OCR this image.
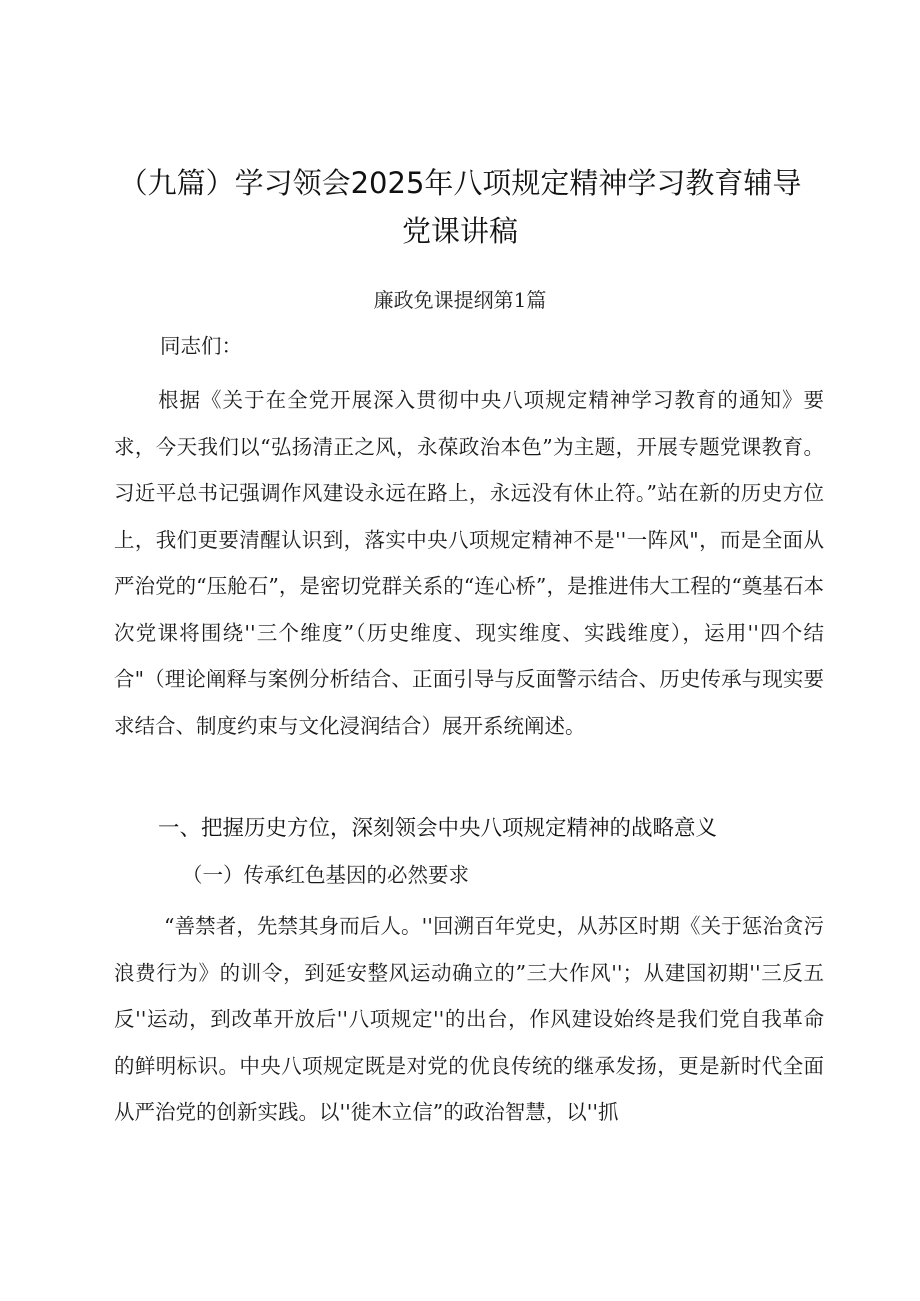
（九篇）学习领会2025年八项规定精神学习教育辅导
党课讲稿
廉政免课提纲第1篇
同志们：
根据《关于在全党开展深入贯彻中央八项规定精神学习教育的通知》要求，今天我们以“弘扬清正之风，永葆政治本色”为主题，开展专题党课教育。习近平总书记强调作风建设永远在路上，永远没有休止符。”站在新的历史方位上，我们更要清醒认识到，落实中央八项规定精神不是''一阵风"，而是全面从严治党的“压舱石”，是密切党群关系的“连心桥”，是推进伟大工程的“奠基石本次党课将围绕''三个维度”（历史维度、现实维度、实践维度），运用''四个结合"（理论阐释与案例分析结合、正面引导与反面警示结合、历史传承与现实要求结合、制度约束与文化浸润结合）展开系统阐述。
一、把握历史方位，深刻领会中央八项规定精神的战略意义
（一）传承红色基因的必然要求
“善禁者，先禁其身而后人。''回溯百年党史，从苏区时期《关于惩治贪污浪费行为》的训令，到延安整风运动确立的”三大作风''；从建国初期''三反五反''运动，到改革开放后''八项规定''的出台，作风建设始终是我们党自我革命的鲜明标识。中央八项规定既是对党的优良传统的继承发扬，更是新时代全面从严治党的创新实践。以''徙木立信”的政治智慧，以''抓
